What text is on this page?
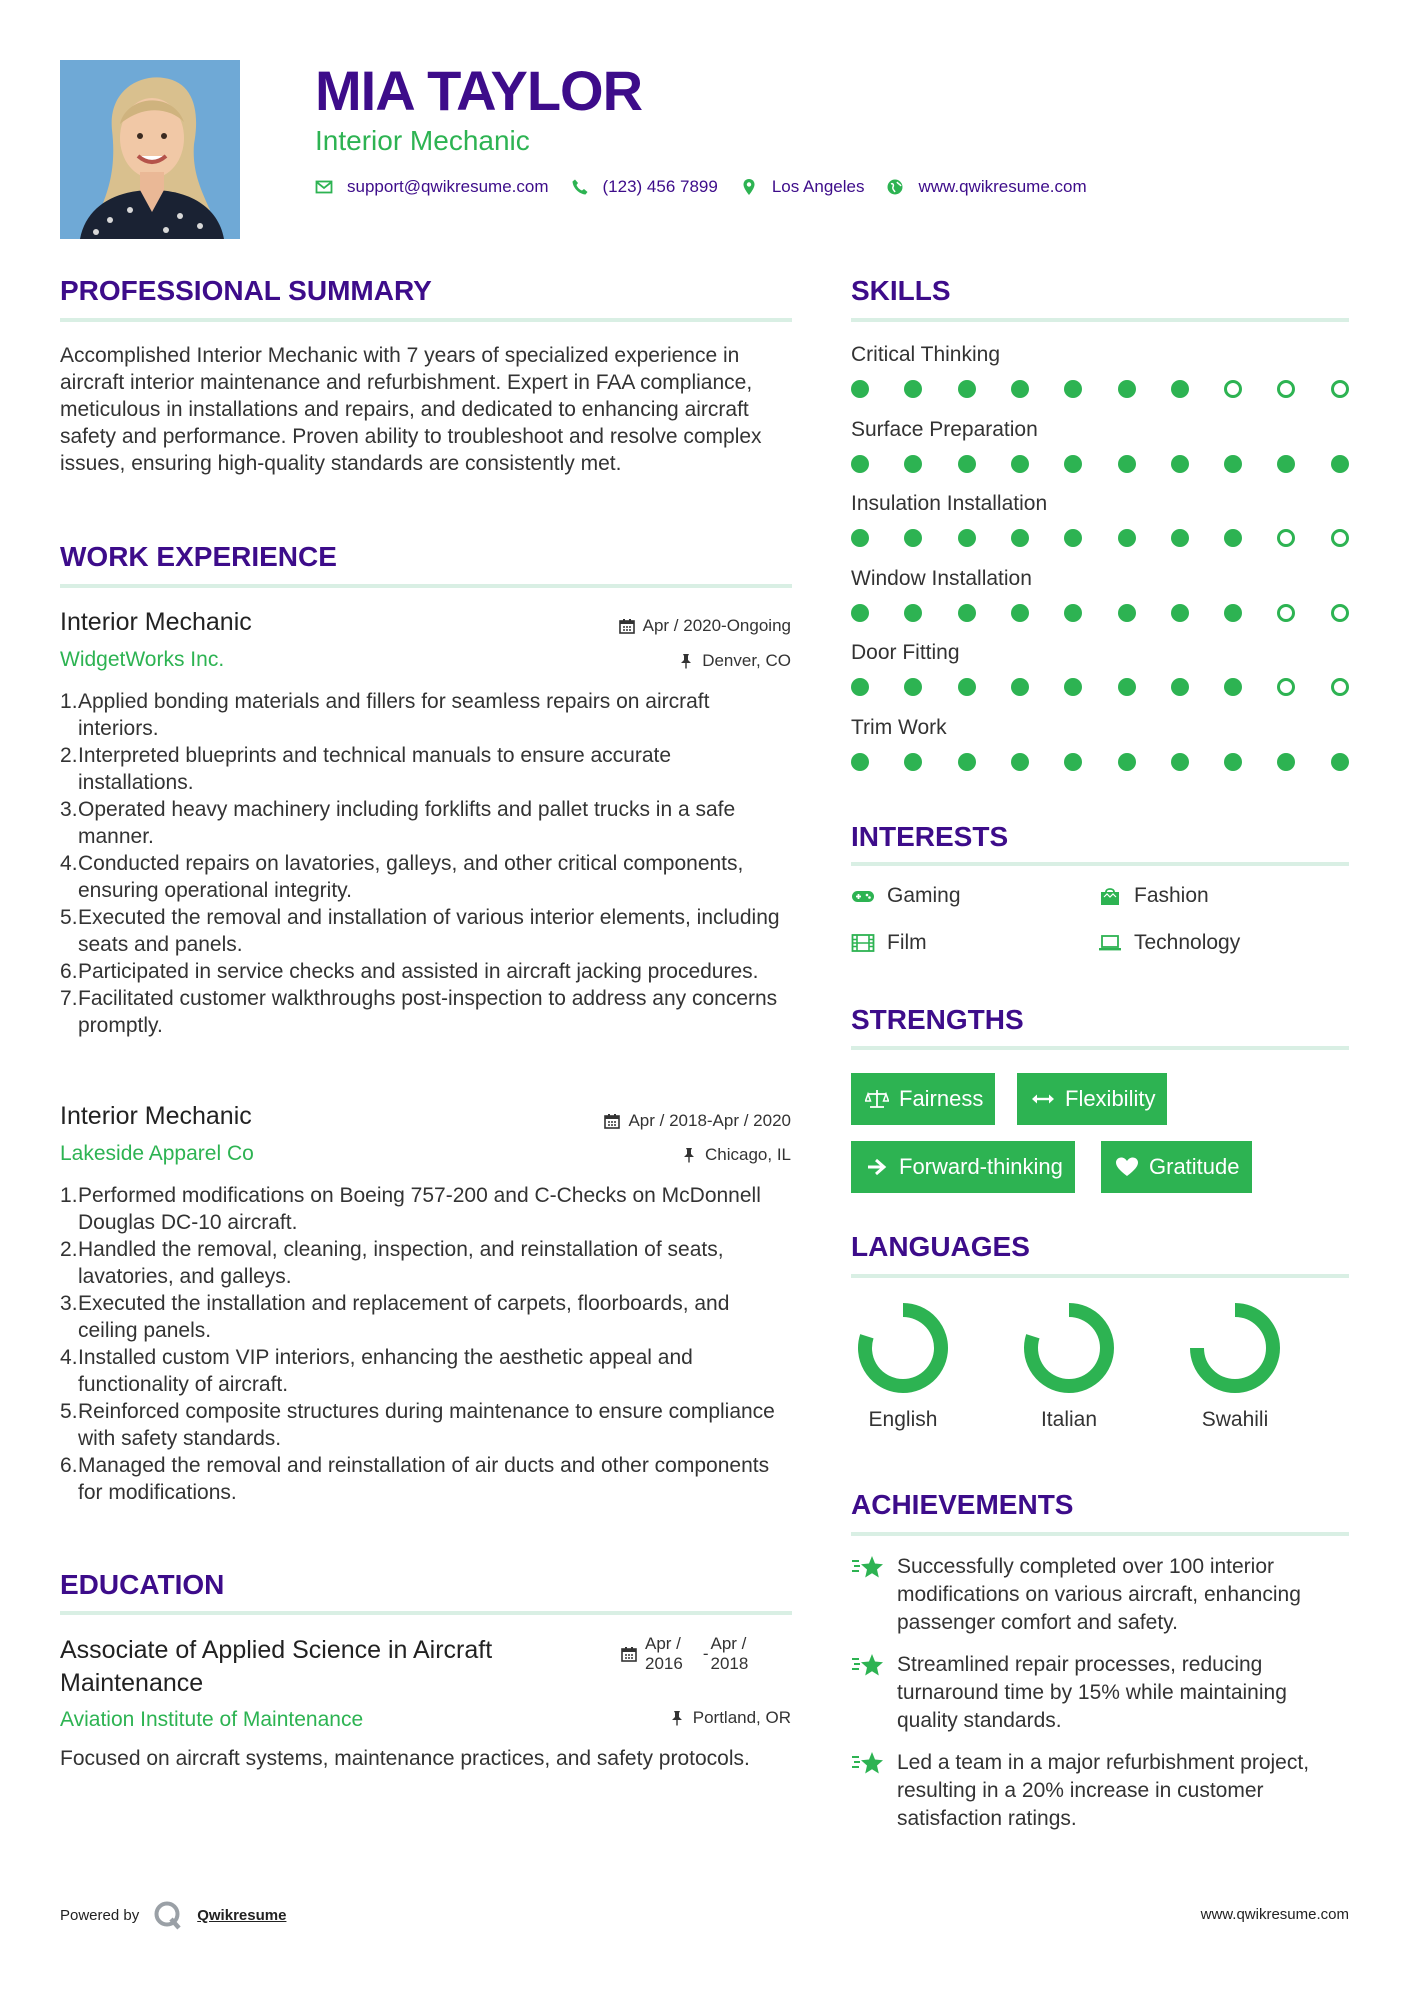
MIA TAYLOR
Interior Mechanic
support@qwikresume.com	(123) 456 7899	Los Angeles	www.qwikresume.com
PROFESSIONAL SUMMARY
Accomplished Interior Mechanic with 7 years of specialized experience in aircraft interior maintenance and refurbishment. Expert in FAA compliance, meticulous in installations and repairs, and dedicated to enhancing aircraft safety and performance. Proven ability to troubleshoot and resolve complex issues, ensuring high-quality standards are consistently met.
WORK EXPERIENCE
Interior Mechanic	Apr / 2020-Ongoing
WidgetWorks Inc.	Denver, CO
Applied bonding materials and fillers for seamless repairs on aircraft interiors.
Interpreted blueprints and technical manuals to ensure accurate installations.
Operated heavy machinery including forklifts and pallet trucks in a safe manner.
Conducted repairs on lavatories, galleys, and other critical components, ensuring operational integrity.
Executed the removal and installation of various interior elements, including seats and panels.
Participated in service checks and assisted in aircraft jacking procedures.
Facilitated customer walkthroughs post-inspection to address any concerns promptly.
Interior Mechanic	Apr / 2018-Apr / 2020
Lakeside Apparel Co	Chicago, IL
Performed modifications on Boeing 757-200 and C-Checks on McDonnell Douglas DC-10 aircraft.
Handled the removal, cleaning, inspection, and reinstallation of seats, lavatories, and galleys.
Executed the installation and replacement of carpets, floorboards, and ceiling panels.
Installed custom VIP interiors, enhancing the aesthetic appeal and functionality of aircraft.
Reinforced composite structures during maintenance to ensure compliance with safety standards.
Managed the removal and reinstallation of air ducts and other components for modifications.
EDUCATION
Associate of Applied Science in Aircraft
Maintenance
Apr /
2016
-
Apr /
2018
Aviation Institute of Maintenance	Portland, OR
Focused on aircraft systems, maintenance practices, and safety protocols.
SKILLS
Critical Thinking
Surface Preparation
Insulation Installation
Window Installation
Door Fitting
Trim Work
INTERESTS
Gaming	Fashion
Film	Technology
STRENGTHS
Fairness	Flexibility
Forward-thinking	Gratitude
LANGUAGES
English	Italian	Swahili
ACHIEVEMENTS
Successfully completed over 100 interior modifications on various aircraft, enhancing passenger comfort and safety.
Streamlined repair processes, reducing turnaround time by 15% while maintaining quality standards.
Led a team in a major refurbishment project, resulting in a 20% increase in customer satisfaction ratings.
Powered by	Qwikresume	www.qwikresume.com
